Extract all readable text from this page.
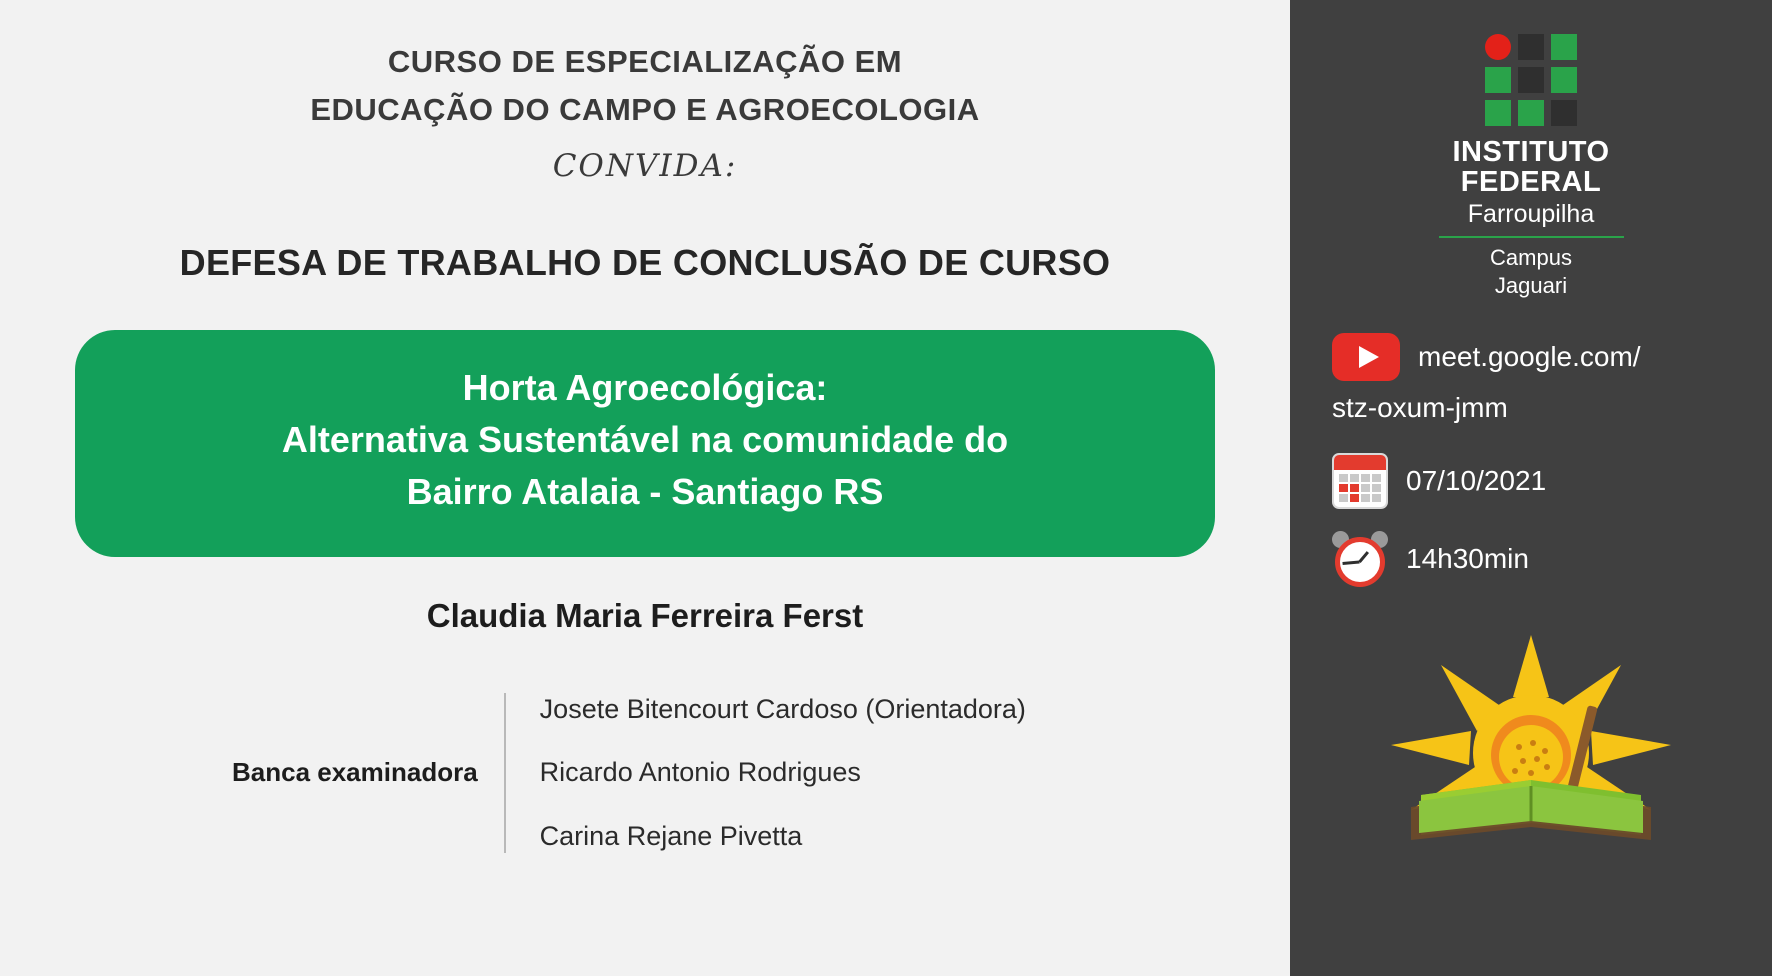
CURSO DE ESPECIALIZAÇÃO EM
EDUCAÇÃO DO CAMPO E AGROECOLOGIA
CONVIDA:
DEFESA DE TRABALHO DE CONCLUSÃO DE CURSO
Horta Agroecológica:
Alternativa Sustentável na comunidade do
Bairro Atalaia - Santiago RS
Claudia Maria Ferreira Ferst
Banca examinadora
Josete Bitencourt Cardoso (Orientadora)
Ricardo Antonio Rodrigues
Carina Rejane Pivetta
INSTITUTO
FEDERAL
Farroupilha
Campus
Jaguari
meet.google.com/
stz-oxum-jmm
07/10/2021
14h30min
